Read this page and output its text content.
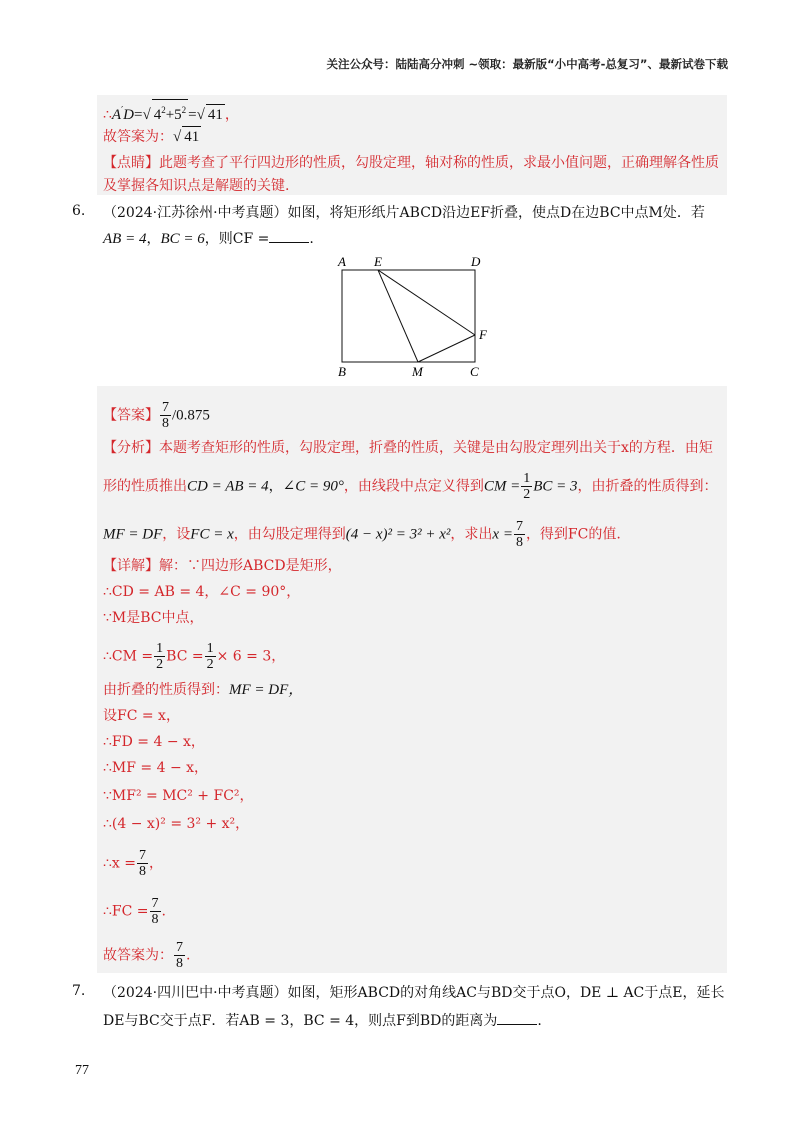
关注公众号：陆陆高分冲刺 ~领取：最新版“小中高考-总复习”、最新试卷下载
∴A′D=√ $4^2+5^2$ =√ 41 ，
故答案为：√ 41
【点睛】此题考查了平行四边形的性质，勾股定理，轴对称的性质，求最小值问题，正确理解各性质
及掌握各知识点是解题的关键.
6. （2024·江苏徐州·中考真题）如图，将矩形纸片ABCD沿边EF折叠，使点D在边BC中点M处．若
AB = 4，BC = 6，则CF =	.
A E	D
F
B	M	C
【答案】 $\frac{7}{8} /0.875$
【分析】本题考查矩形的性质，勾股定理，折叠的性质，关键是由勾股定理列出关于x的方程．由矩
形的性质推出CD = AB = 4，∠C = 90°，由线段中点定义得到CM = $\frac{1}{2}$ BC = 3，由折叠的性质得到：
MF = DF，设FC = x，由勾股定理得到(4 − x)² = 3² + x²，求出$x = \frac{7}{8}$ ，得到FC的值.
【详解】解：∵四边形ABCD是矩形，
∴CD = AB = 4，∠C = 90°，
∵M是BC中点，
∴CM = $\frac{1}{2}$ BC = $\frac{1}{2} \times 6 = 3$，
由折叠的性质得到：MF = DF，
设FC = x，
∴FD = 4 − x，
∴MF = 4 − x，
∵MF² = MC² + FC²，
∴(4 − x)² = 3² + x²，
∴x = $\frac{7}{8}$ ，
∴FC = $\frac{7}{8}$ .
故答案为： $\frac{7}{8}$ .
7. （2024·四川巴中·中考真题）如图，矩形ABCD的对角线AC与BD交于点O，DE ⊥ AC于点E，延长
DE与BC交于点F．若AB = 3，BC = 4，则点F到BD的距离为	.
77
